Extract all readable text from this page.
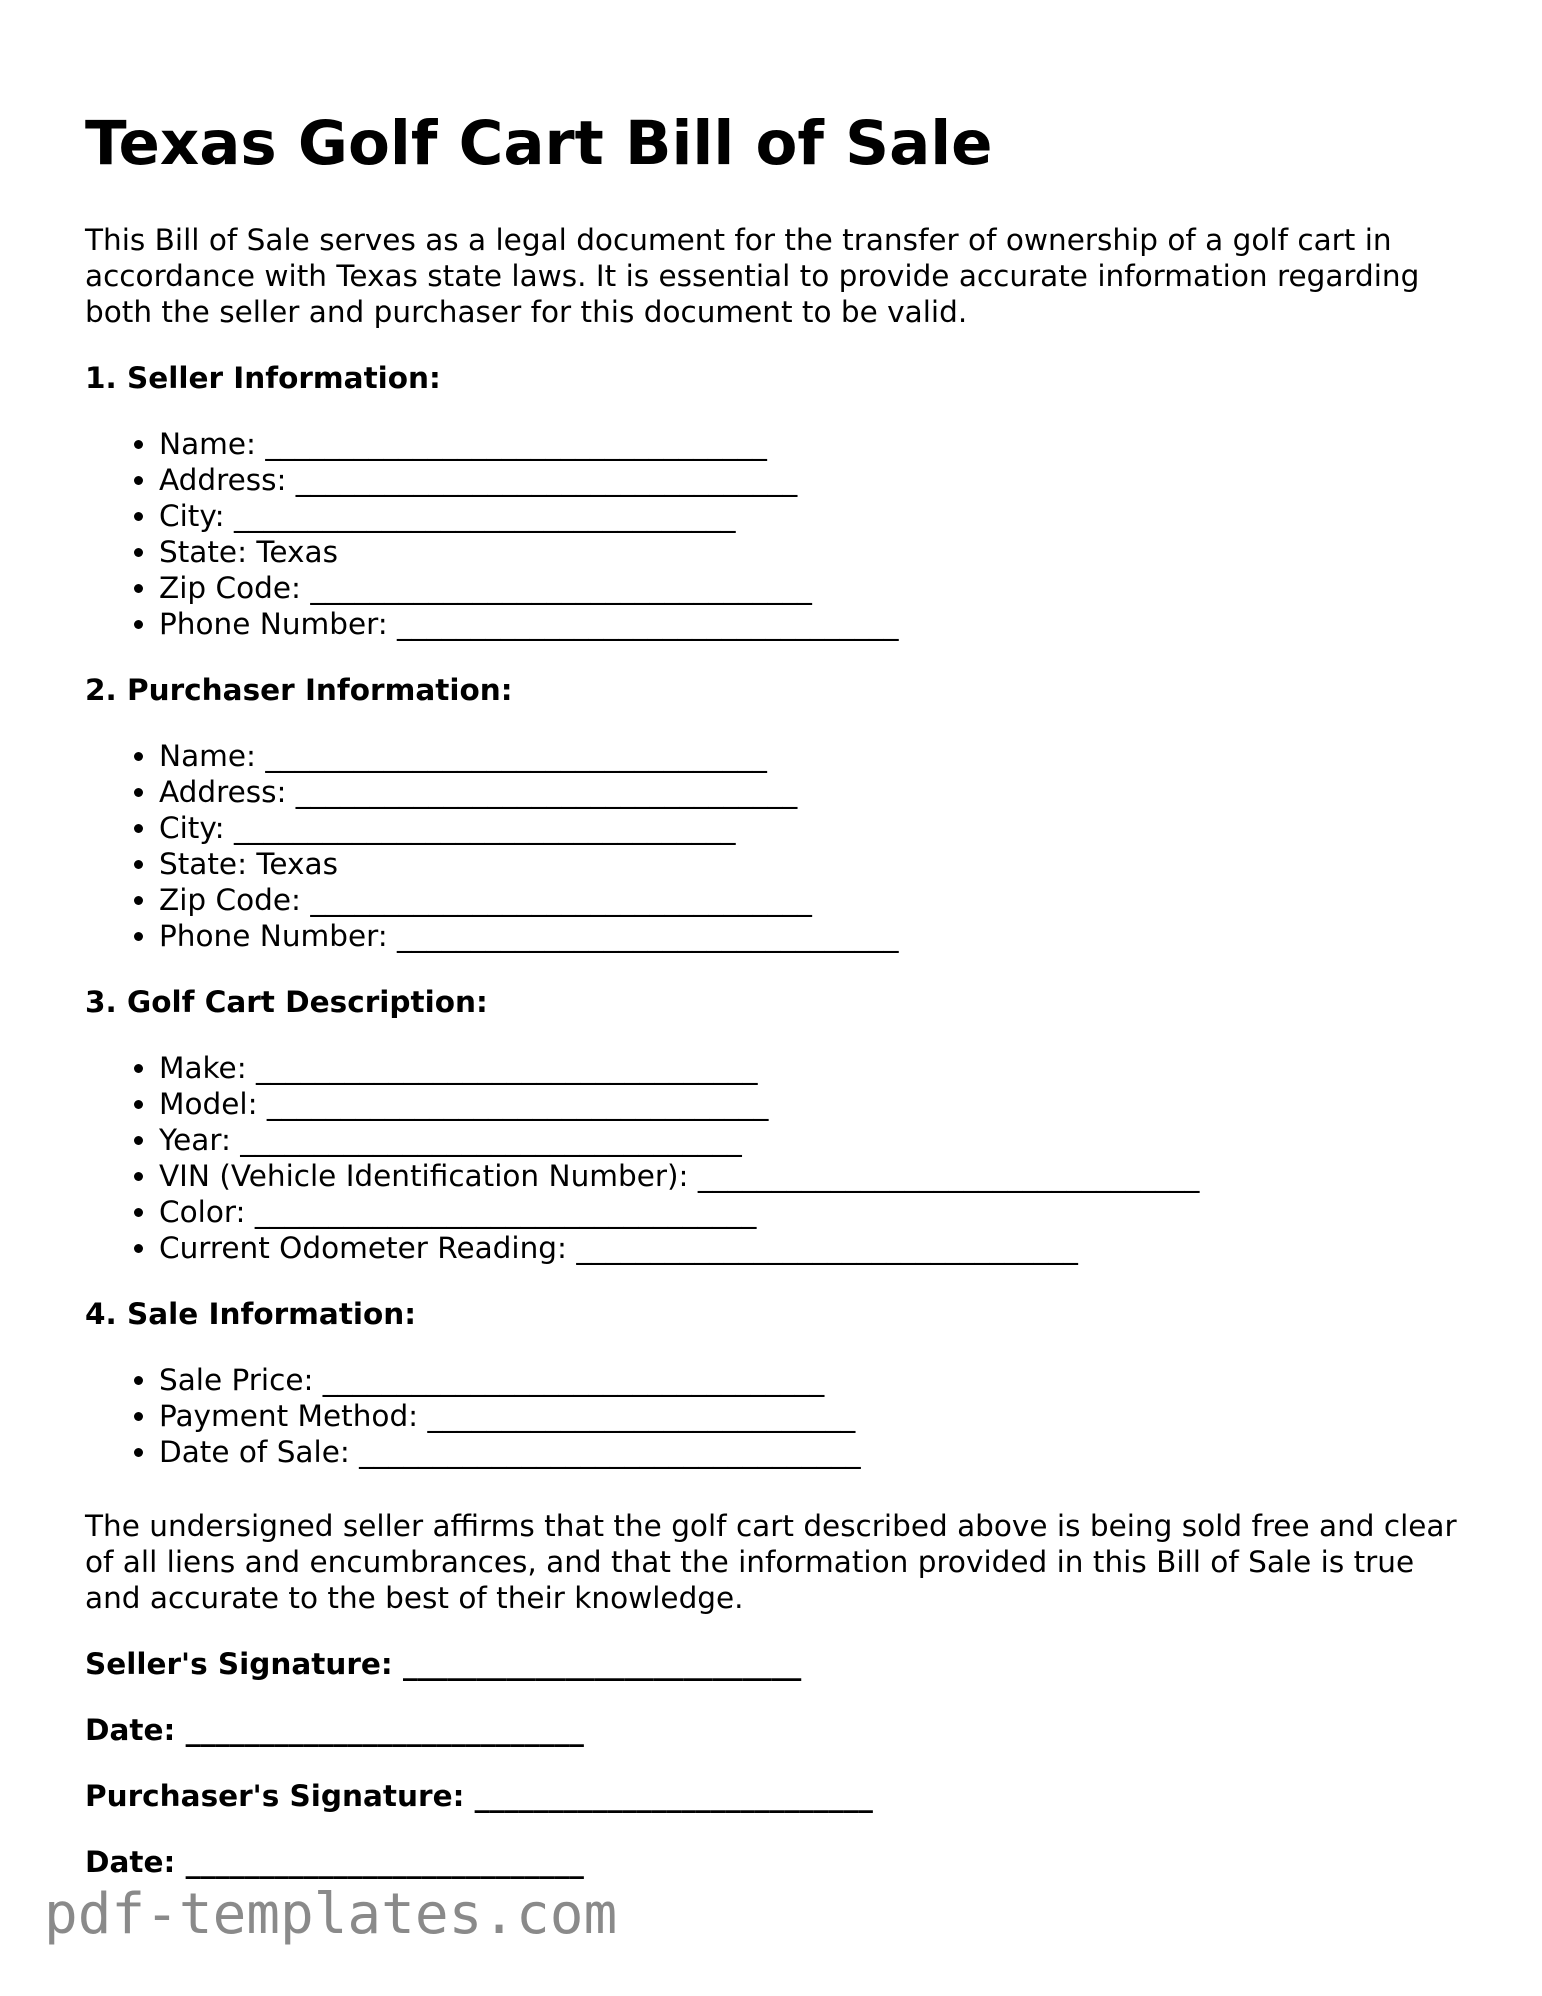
Texas Golf Cart Bill of Sale

This Bill of Sale serves as a legal document for the transfer of ownership of a golf cart in accordance with Texas state laws. It is essential to provide accurate information regarding both the seller and purchaser for this document to be valid.

1. Seller Information:
• Name: __________________________________
• Address: __________________________________
• City: __________________________________
• State: Texas
• Zip Code: __________________________________
• Phone Number: __________________________________
2. Purchaser Information:
• Name: __________________________________
• Address: __________________________________
• City: __________________________________
• State: Texas
• Zip Code: __________________________________
• Phone Number: __________________________________
3. Golf Cart Description:
• Make: __________________________________
• Model: __________________________________
• Year: __________________________________
• VIN (Vehicle Identification Number): __________________________________
• Color: __________________________________
• Current Odometer Reading: __________________________________
4. Sale Information:
• Sale Price: __________________________________
• Payment Method: _____________________________
• Date of Sale: __________________________________

The undersigned seller affirms that the golf cart described above is being sold free and clear of all liens and encumbrances, and that the information provided in this Bill of Sale is true and accurate to the best of their knowledge.

Seller's Signature: ___________________________
Date: ___________________________
Purchaser's Signature: ___________________________
Date: ___________________________
pdf-templates.com
